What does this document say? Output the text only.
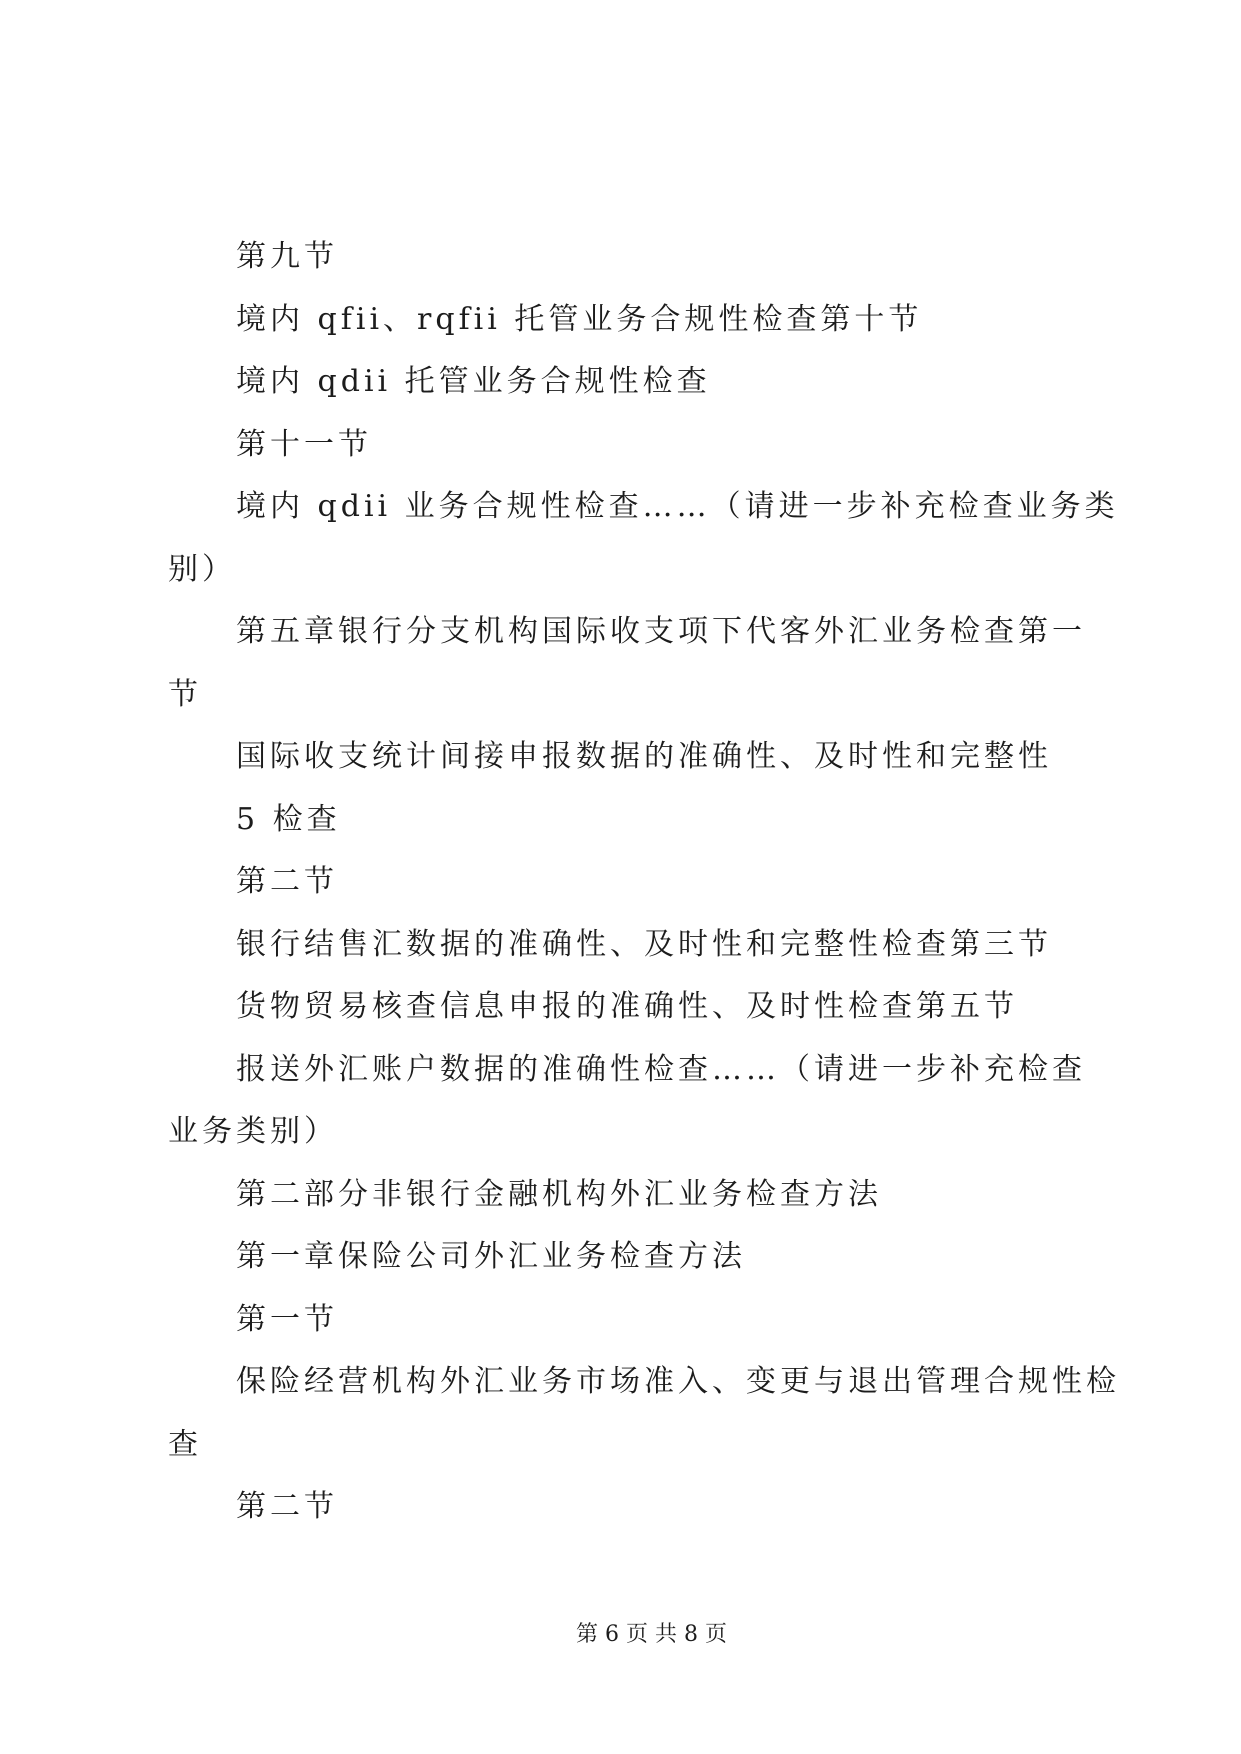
第九节
境内 qfii、rqfii 托管业务合规性检查第十节
境内 qdii 托管业务合规性检查
第十一节
境内 qdii 业务合规性检查……（请进一步补充检查业务类
别）
第五章银行分支机构国际收支项下代客外汇业务检查第一
节
国际收支统计间接申报数据的准确性、及时性和完整性
5 检查
第二节
银行结售汇数据的准确性、及时性和完整性检查第三节
货物贸易核查信息申报的准确性、及时性检查第五节
报送外汇账户数据的准确性检查……（请进一步补充检查
业务类别）
第二部分非银行金融机构外汇业务检查方法
第一章保险公司外汇业务检查方法
第一节
保险经营机构外汇业务市场准入、变更与退出管理合规性检
查
第二节
第 6 页 共 8 页
